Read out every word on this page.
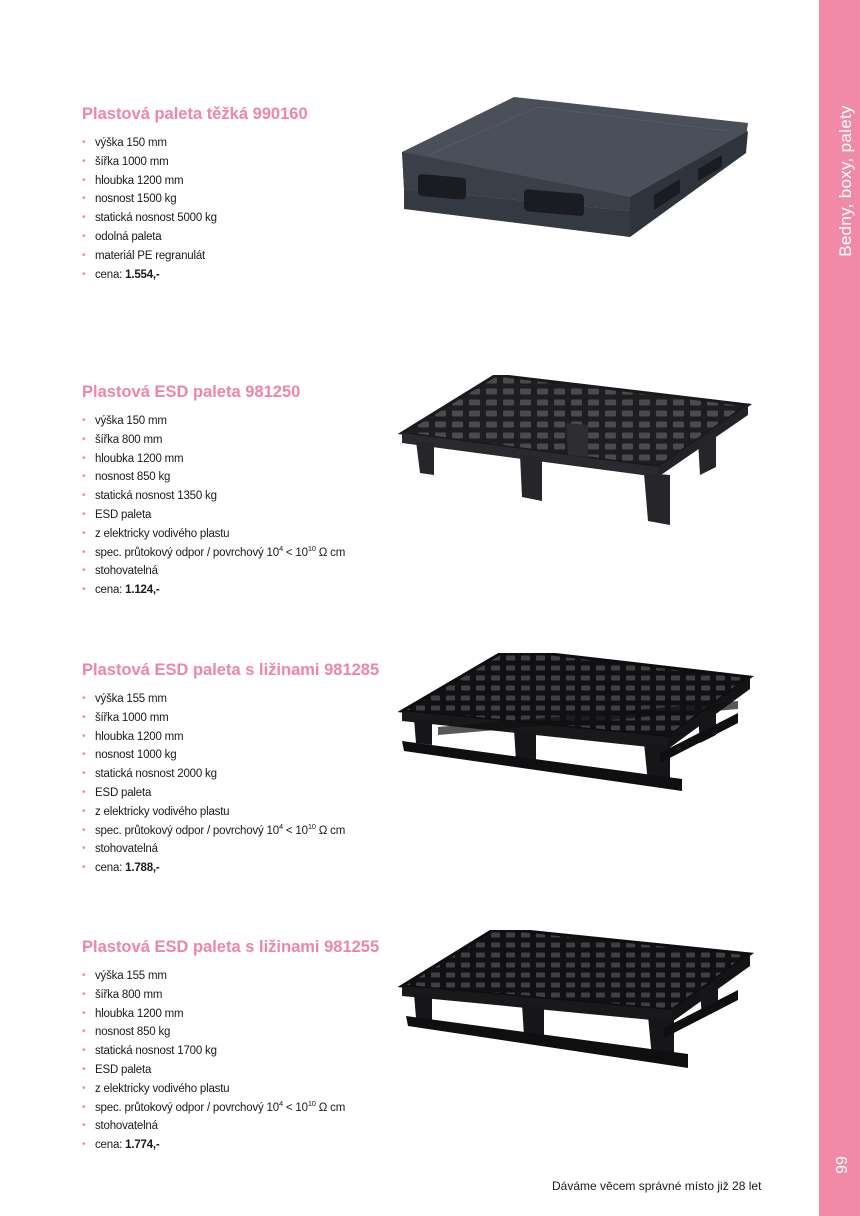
Bedny, boxy, palety
99
Plastová paleta těžká 990160
• výška 150 mm
• šířka 1000 mm
• hloubka 1200 mm
• nosnost 1500 kg
• statická nosnost 5000 kg
• odolná paleta
• materiál PE regranulát
• cena: 1.554,-
Plastová ESD paleta 981250
• výška 150 mm
• šířka 800 mm
• hloubka 1200 mm
• nosnost 850 kg
• statická nosnost 1350 kg
• ESD paleta
• z elektricky vodivého plastu
• spec. průtokový odpor / povrchový $10^4 < 10^{10}$ Ω cm
• stohovatelná
• cena: 1.124,-
Plastová ESD paleta s ližinami 981285
• výška 155 mm
• šířka 1000 mm
• hloubka 1200 mm
• nosnost 1000 kg
• statická nosnost 2000 kg
• ESD paleta
• z elektricky vodivého plastu
• spec. průtokový odpor / povrchový $10^4 < 10^{10}$ Ω cm
• stohovatelná
• cena: 1.788,-
Plastová ESD paleta s ližinami 981255
• výška 155 mm
• šířka 800 mm
• hloubka 1200 mm
• nosnost 850 kg
• statická nosnost 1700 kg
• ESD paleta
• z elektricky vodivého plastu
• spec. průtokový odpor / povrchový $10^4 < 10^{10}$ Ω cm
• stohovatelná
• cena: 1.774,-
Dáváme věcem správné místo již 28 let
